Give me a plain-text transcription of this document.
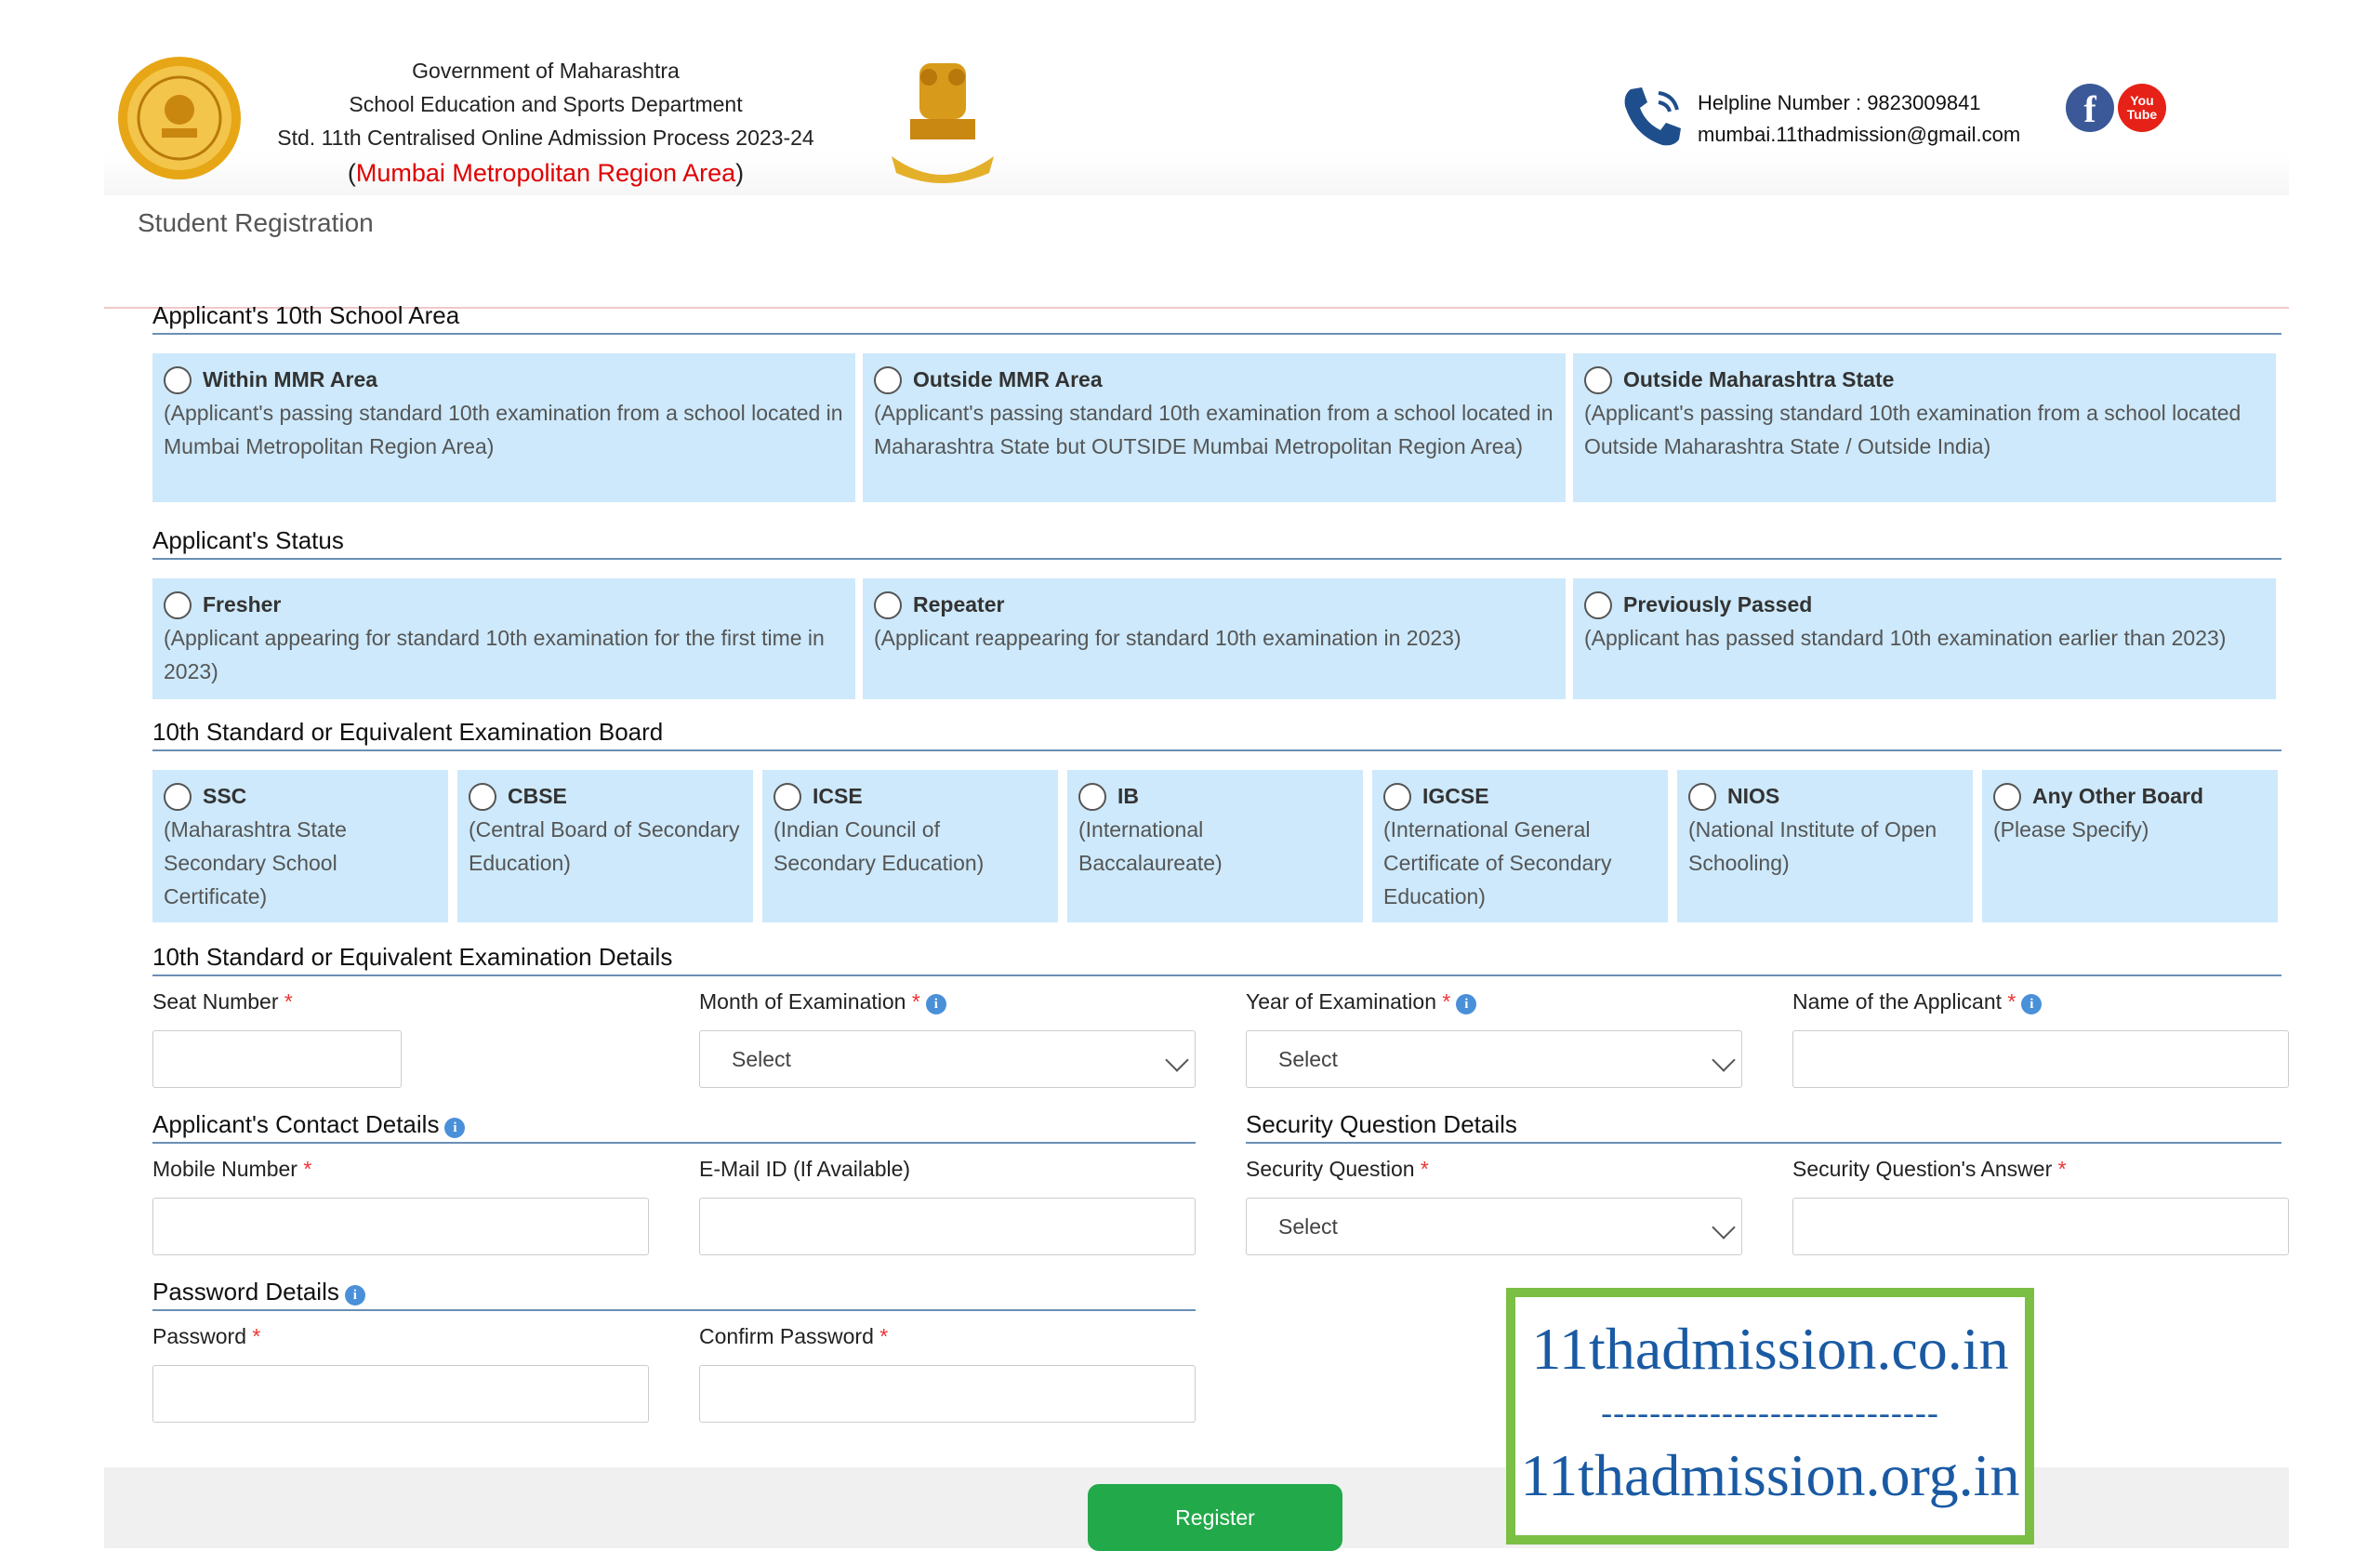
Government of Maharashtra
School Education and Sports Department
Std. 11th Centralised Online Admission Process 2023-24
(Mumbai Metropolitan Region Area)
Helpline Number : 9823009841
mumbai.11thadmission@gmail.com
f	You
Tube
Student Registration
Applicant's 10th School Area
Within MMR Area
(Applicant's passing standard 10th examination from a school located in Mumbai Metropolitan Region Area)
Outside MMR Area
(Applicant's passing standard 10th examination from a school located in Maharashtra State but OUTSIDE Mumbai Metropolitan Region Area)
Outside Maharashtra State
(Applicant's passing standard 10th examination from a school located Outside Maharashtra State / Outside India)
Applicant's Status
Fresher
(Applicant appearing for standard 10th examination for the first time in 2023)
Repeater
(Applicant reappearing for standard 10th examination in 2023)
Previously Passed
(Applicant has passed standard 10th examination earlier than 2023)
10th Standard or Equivalent Examination Board
SSC
(Maharashtra State Secondary School Certificate)
CBSE
(Central Board of Secondary Education)
ICSE
(Indian Council of Secondary Education)
IB
(International Baccalaureate)
IGCSE
(International General Certificate of Secondary Education)
NIOS
(National Institute of Open Schooling)
Any Other Board
(Please Specify)
10th Standard or Equivalent Examination Details
Seat Number *	Month of Examination * i
Select
Year of Examination * i
Select
Name of the Applicant * i
Applicant's Contact Details i
Mobile Number *	E-Mail ID (If Available)
Security Question Details
Security Question *
Select
Security Question's Answer *
Password Details i
Password *	Confirm Password *
Register
11thadmission.co.in
----------------------------
11thadmission.org.in
